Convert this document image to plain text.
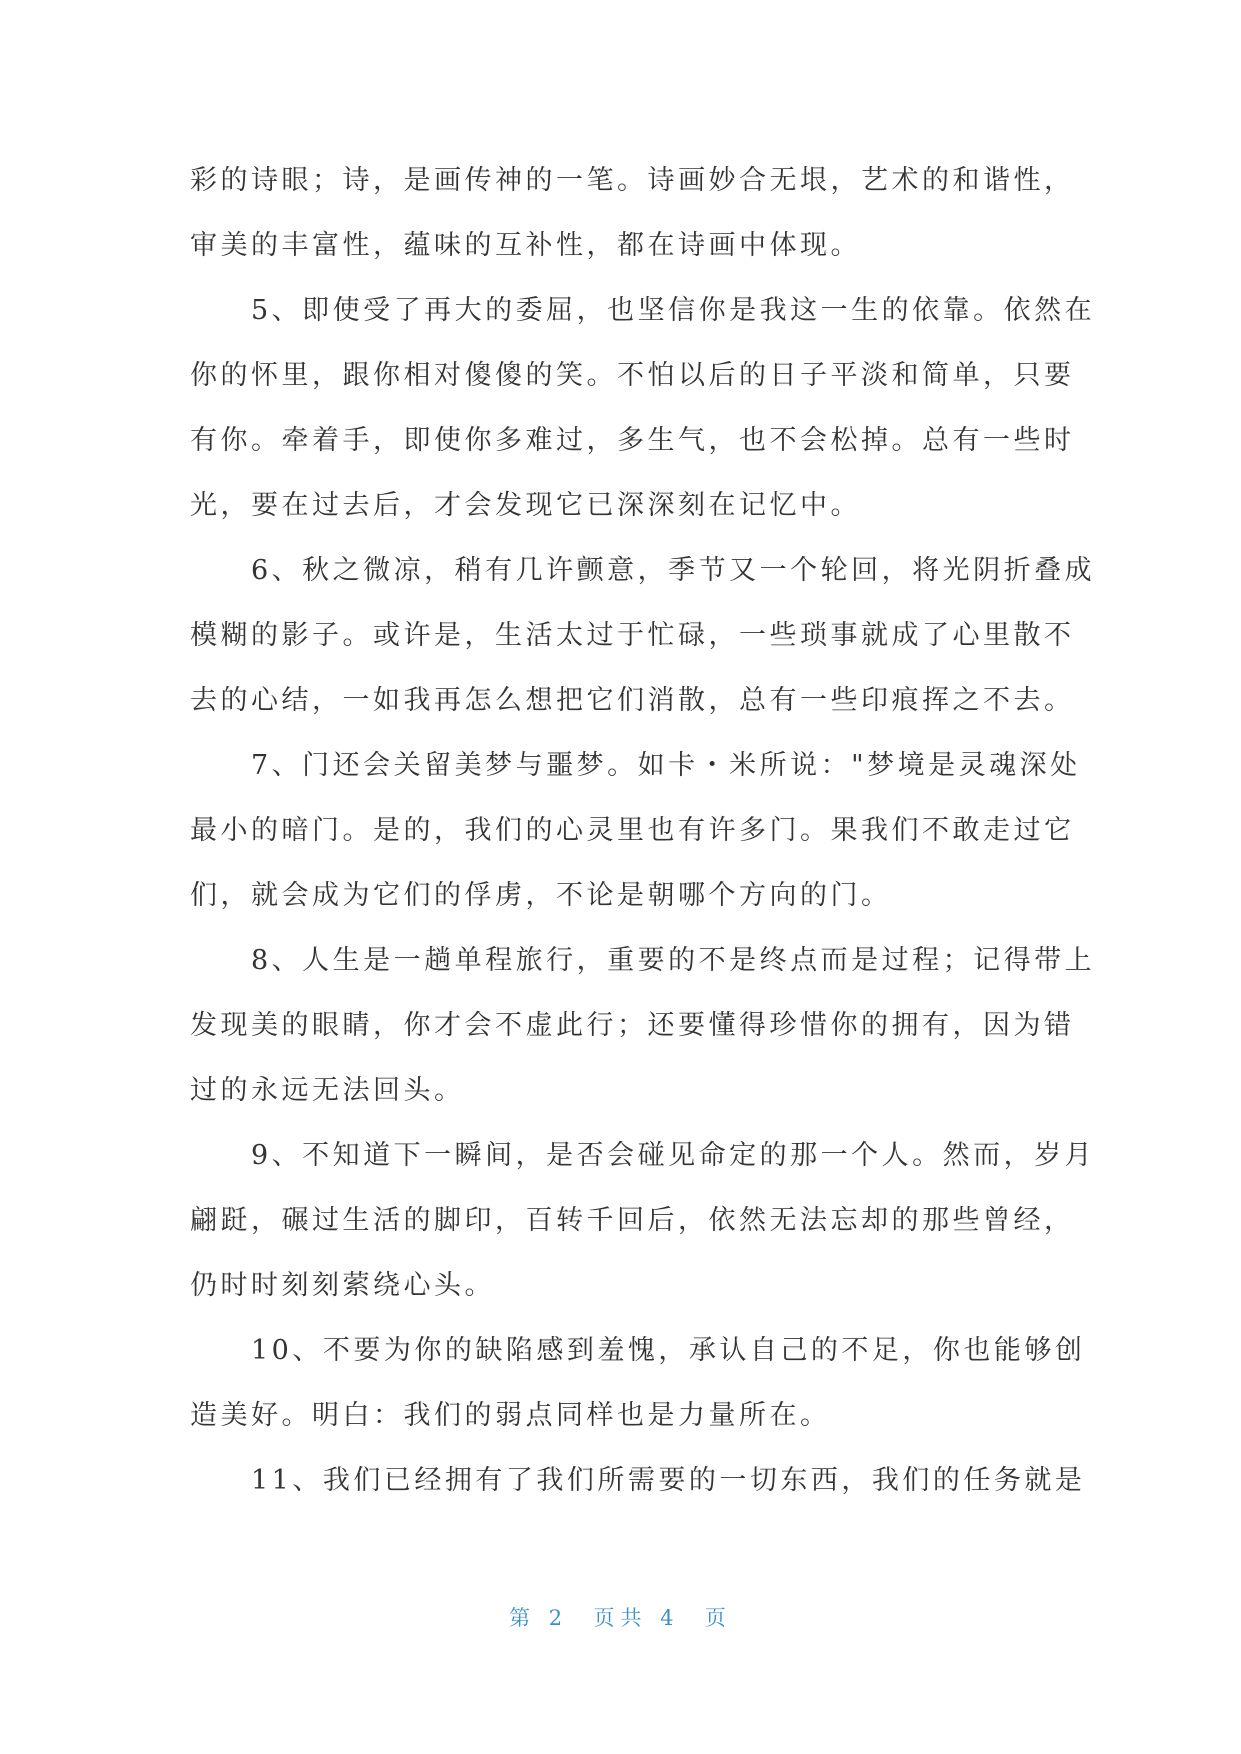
彩的诗眼；诗，是画传神的一笔。诗画妙合无垠，艺术的和谐性，
审美的丰富性，蕴味的互补性，都在诗画中体现。
　　5、即使受了再大的委屈，也坚信你是我这一生的依靠。依然在
你的怀里，跟你相对傻傻的笑。不怕以后的日子平淡和简单，只要
有你。牵着手，即使你多难过，多生气，也不会松掉。总有一些时
光，要在过去后，才会发现它已深深刻在记忆中。
　　6、秋之微凉，稍有几许颤意，季节又一个轮回，将光阴折叠成
模糊的影子。或许是，生活太过于忙碌，一些琐事就成了心里散不
去的心结，一如我再怎么想把它们消散，总有一些印痕挥之不去。
　　7、门还会关留美梦与噩梦。如卡・米所说："梦境是灵魂深处
最小的暗门。是的，我们的心灵里也有许多门。果我们不敢走过它
们，就会成为它们的俘虏，不论是朝哪个方向的门。
　　8、人生是一趟单程旅行，重要的不是终点而是过程；记得带上
发现美的眼睛，你才会不虚此行；还要懂得珍惜你的拥有，因为错
过的永远无法回头。
　　9、不知道下一瞬间，是否会碰见命定的那一个人。然而，岁月
翩跹，碾过生活的脚印，百转千回后，依然无法忘却的那些曾经，
仍时时刻刻萦绕心头。
　　10、不要为你的缺陷感到羞愧，承认自己的不足，你也能够创
造美好。明白：我们的弱点同样也是力量所在。
　　11、我们已经拥有了我们所需要的一切东西，我们的任务就是
第 2  页共 4  页
